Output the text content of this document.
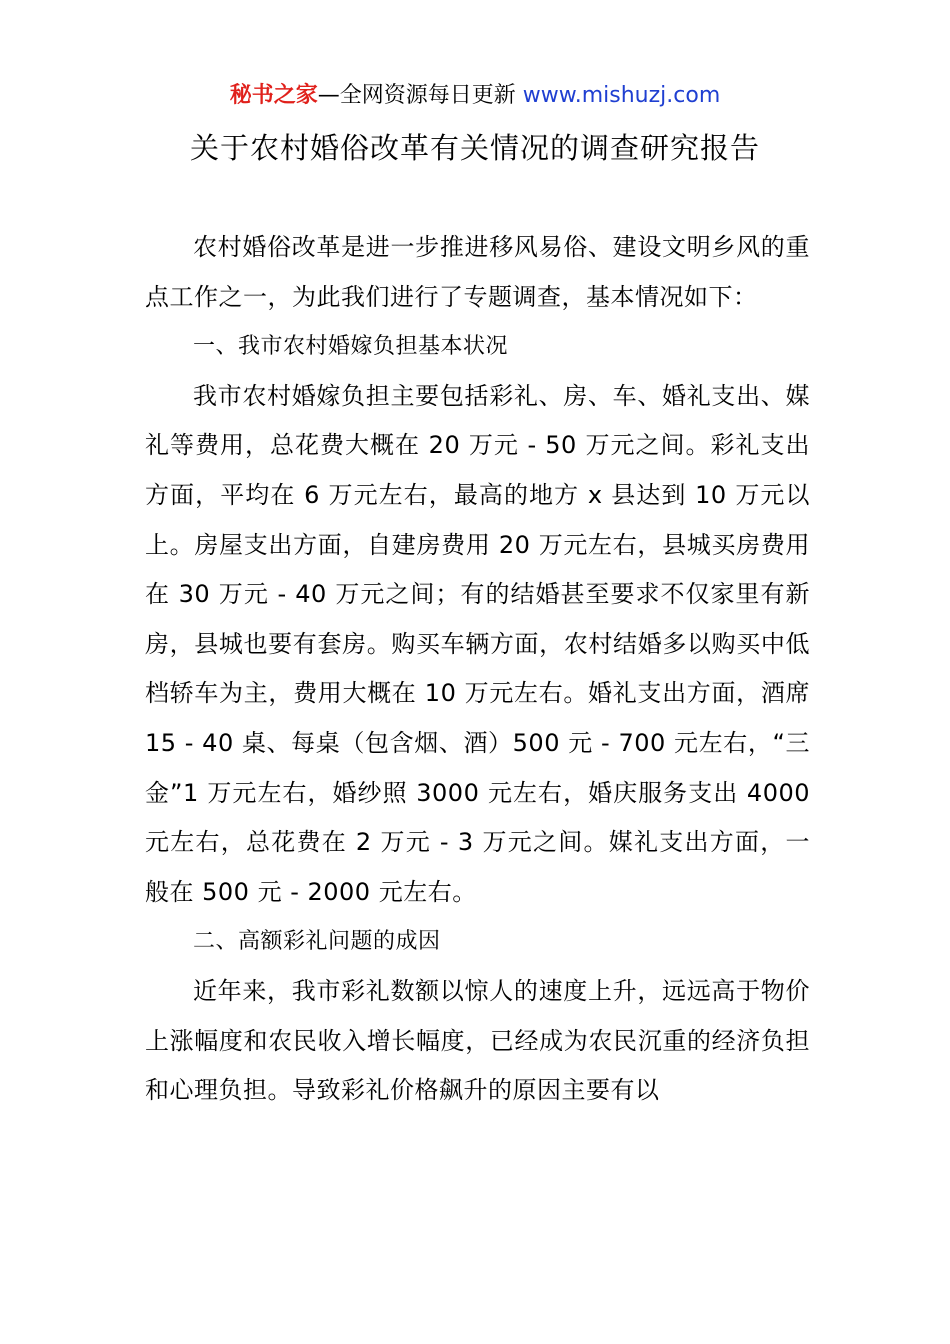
秘书之家—全网资源每日更新 www.mishuzj.com
关于农村婚俗改革有关情况的调查研究报告

农村婚俗改革是进一步推进移风易俗、建设文明乡风的重点工作之一，为此我们进行了专题调查，基本情况如下：

一、我市农村婚嫁负担基本状况

我市农村婚嫁负担主要包括彩礼、房、车、婚礼支出、媒礼等费用，总花费大概在 20 万元 - 50 万元之间。彩礼支出方面，平均在 6 万元左右，最高的地方 x 县达到 10 万元以上。房屋支出方面，自建房费用 20 万元左右，县城买房费用在 30 万元 - 40 万元之间；有的结婚甚至要求不仅家里有新房，县城也要有套房。购买车辆方面，农村结婚多以购买中低档轿车为主，费用大概在 10 万元左右。婚礼支出方面，酒席 15 - 40 桌、每桌（包含烟、酒）500 元 - 700 元左右，“三金”1 万元左右，婚纱照 3000 元左右，婚庆服务支出 4000 元左右，总花费在 2 万元 - 3 万元之间。媒礼支出方面，一般在 500 元 - 2000 元左右。

二、高额彩礼问题的成因

近年来，我市彩礼数额以惊人的速度上升，远远高于物价上涨幅度和农民收入增长幅度，已经成为农民沉重的经济负担和心理负担。导致彩礼价格飙升的原因主要有以
